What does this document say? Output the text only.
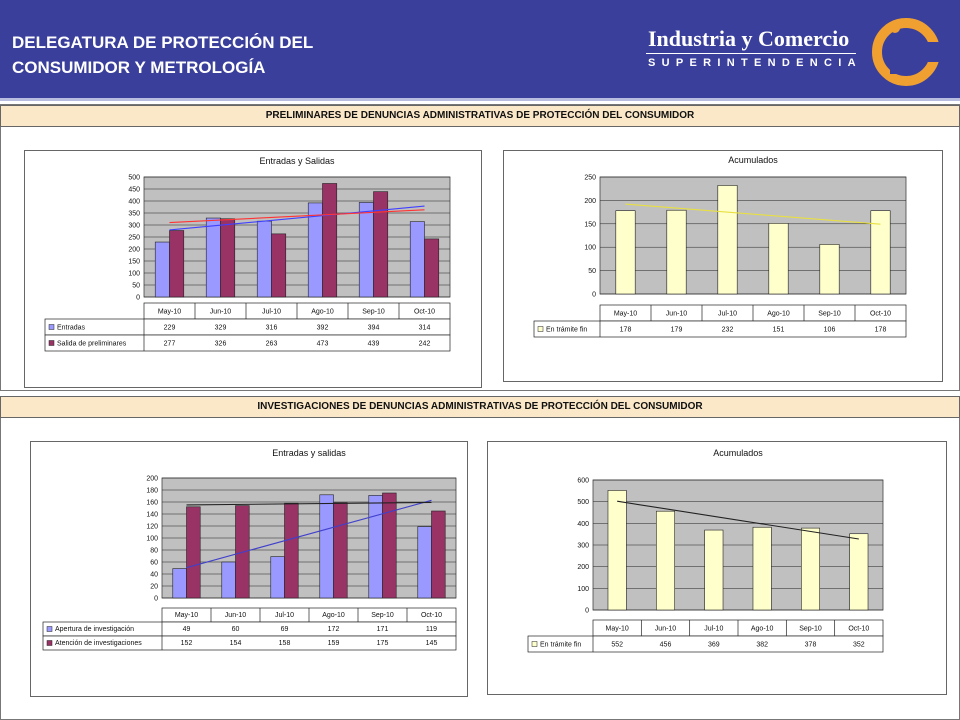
DELEGATURA DE PROTECCIÓN DEL
CONSUMIDOR Y METROLOGÍA
Industria y Comercio
SUPERINTENDENCIA
PRELIMINARES DE DENUNCIAS ADMINISTRATIVAS DE PROTECCIÓN DEL CONSUMIDOR
Entradas y Salidas
0
50
100
150
200
250
300
350
400
450
500
May-10	Jun-10	Jul-10	Ago-10	Sep-10	Oct-10
Entradas	229	329	316	392	394	314
Salida de preliminares	277	326	263	473	439	242
Acumulados
0
50
100
150
200
250
May-10	Jun-10	Jul-10	Ago-10	Sep-10	Oct-10
En trámite fin	178	179	232	151	106	178
INVESTIGACIONES DE DENUNCIAS ADMINISTRATIVAS DE PROTECCIÓN DEL CONSUMIDOR
Entradas y salidas
0
20
40
60
80
100
120
140
160
180
200
May-10	Jun-10	Jul-10	Ago-10	Sep-10	Oct-10
Apertura de investigación	49	60	69	172	171	119
Atención de investigaciones	152	154	158	159	175	145
Acumulados
0
100
200
300
400
500
600
May-10	Jun-10	Jul-10	Ago-10	Sep-10	Oct-10
En trámite fin	552	456	369	382	378	352
